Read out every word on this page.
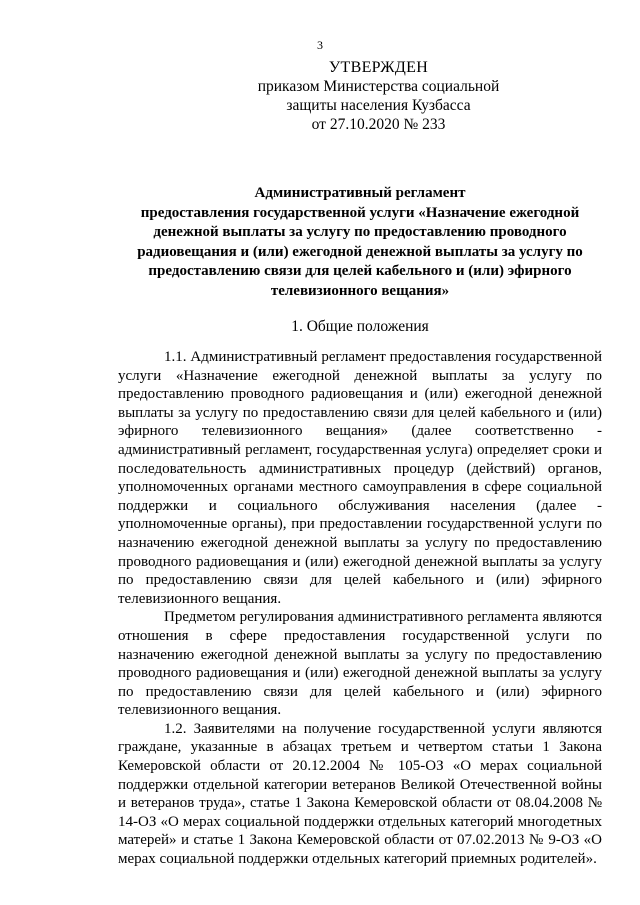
3
УТВЕРЖДЕН
приказом Министерства социальной
защиты населения Кузбасса
от 27.10.2020 № 233
Административный регламент
предоставления государственной услуги «Назначение ежегодной
денежной выплаты за услугу по предоставлению проводного
радиовещания и (или) ежегодной денежной выплаты за услугу по
предоставлению связи для целей кабельного и (или) эфирного
телевизионного вещания»
1. Общие положения

1.1. Административный регламент предоставления государственной услуги «Назначение ежегодной денежной выплаты за услугу по предоставлению проводного радиовещания и (или) ежегодной денежной выплаты за услугу по предоставлению связи для целей кабельного и (или) эфирного телевизионного вещания» (далее соответственно - административный регламент, государственная услуга) определяет сроки и последовательность административных процедур (действий) органов, уполномоченных органами местного самоуправления в сфере социальной поддержки и социального обслуживания населения (далее - уполномоченные органы), при предоставлении государственной услуги по назначению ежегодной денежной выплаты за услугу по предоставлению проводного радиовещания и (или) ежегодной денежной выплаты за услугу по предоставлению связи для целей кабельного и (или) эфирного телевизионного вещания.

Предметом регулирования административного регламента являются отношения в сфере предоставления государственной услуги по назначению ежегодной денежной выплаты за услугу по предоставлению проводного радиовещания и (или) ежегодной денежной выплаты за услугу по предоставлению связи для целей кабельного и (или) эфирного телевизионного вещания.

1.2. Заявителями на получение государственной услуги являются граждане, указанные в абзацах третьем и четвертом статьи 1 Закона Кемеровской области от 20.12.2004 № 105-ОЗ «О мерах социальной поддержки отдельной категории ветеранов Великой Отечественной войны и ветеранов труда», статье 1 Закона Кемеровской области от 08.04.2008 № 14-ОЗ «О мерах социальной поддержки отдельных категорий многодетных матерей» и статье 1 Закона Кемеровской области от 07.02.2013 № 9-ОЗ «О мерах социальной поддержки отдельных категорий приемных родителей».
